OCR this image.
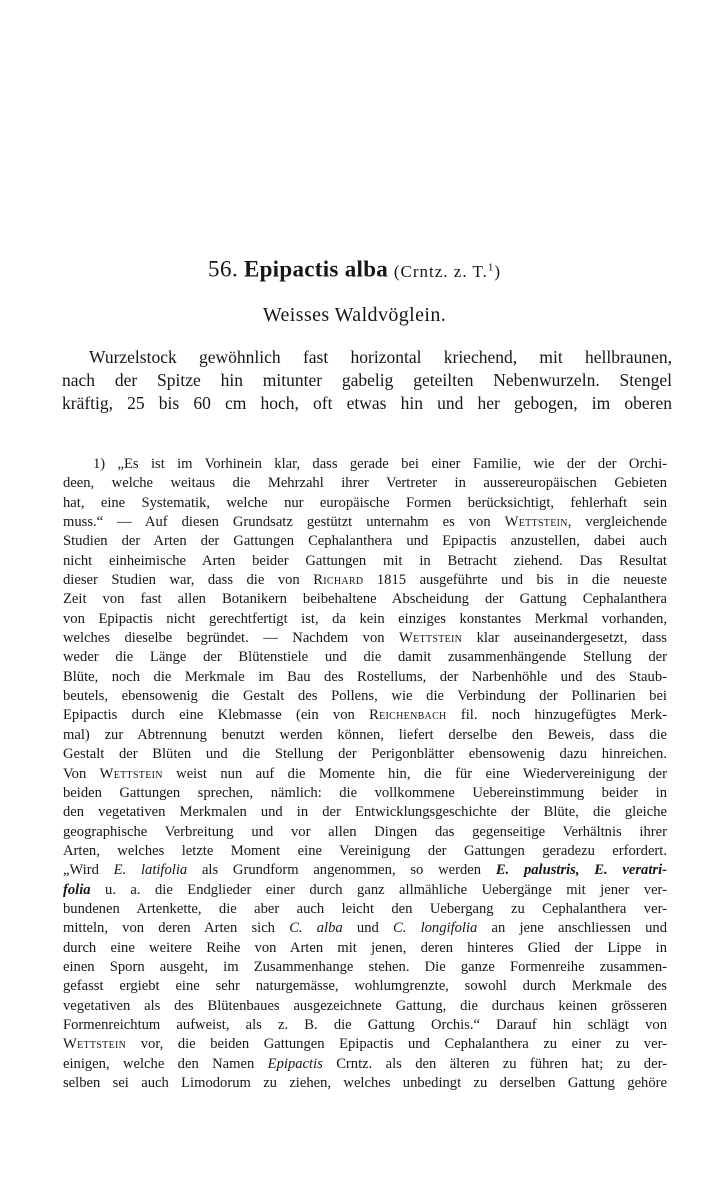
56. Epipactis alba (Crntz. z. T.$^1$)
Weisses Waldvöglein.
Wurzelstock gewöhnlich fast horizontal kriechend, mit hellbraunen,
nach der Spitze hin mitunter gabelig geteilten Nebenwurzeln. Stengel
kräftig, 25 bis 60 cm hoch, oft etwas hin und her gebogen, im oberen
1) „Es ist im Vorhinein klar, dass gerade bei einer Familie, wie der der Orchi-
deen, welche weitaus die Mehrzahl ihrer Vertreter in aussereuropäischen Gebieten
hat, eine Systematik, welche nur europäische Formen berücksichtigt, fehlerhaft sein
muss.“ — Auf diesen Grundsatz gestützt unternahm es von Wettstein, vergleichende
Studien der Arten der Gattungen Cephalanthera und Epipactis anzustellen, dabei auch
nicht einheimische Arten beider Gattungen mit in Betracht ziehend. Das Resultat
dieser Studien war, dass die von Richard 1815 ausgeführte und bis in die neueste
Zeit von fast allen Botanikern beibehaltene Abscheidung der Gattung Cephalanthera
von Epipactis nicht gerechtfertigt ist, da kein einziges konstantes Merkmal vorhanden,
welches dieselbe begründet. — Nachdem von Wettstein klar auseinandergesetzt, dass
weder die Länge der Blütenstiele und die damit zusammenhängende Stellung der
Blüte, noch die Merkmale im Bau des Rostellums, der Narbenhöhle und des Staub-
beutels, ebensowenig die Gestalt des Pollens, wie die Verbindung der Pollinarien bei
Epipactis durch eine Klebmasse (ein von Reichenbach fil. noch hinzugefügtes Merk-
mal) zur Abtrennung benutzt werden können, liefert derselbe den Beweis, dass die
Gestalt der Blüten und die Stellung der Perigonblätter ebensowenig dazu hinreichen.
Von Wettstein weist nun auf die Momente hin, die für eine Wiedervereinigung der
beiden Gattungen sprechen, nämlich: die vollkommene Uebereinstimmung beider in
den vegetativen Merkmalen und in der Entwicklungsgeschichte der Blüte, die gleiche
geographische Verbreitung und vor allen Dingen das gegenseitige Verhältnis ihrer
Arten, welches letzte Moment eine Vereinigung der Gattungen geradezu erfordert.
„Wird E. latifolia als Grundform angenommen, so werden E. palustris, E. veratri-
folia u. a. die Endglieder einer durch ganz allmähliche Uebergänge mit jener ver-
bundenen Artenkette, die aber auch leicht den Uebergang zu Cephalanthera ver-
mitteln, von deren Arten sich C. alba und C. longifolia an jene anschliessen und
durch eine weitere Reihe von Arten mit jenen, deren hinteres Glied der Lippe in
einen Sporn ausgeht, im Zusammenhange stehen. Die ganze Formenreihe zusammen-
gefasst ergiebt eine sehr naturgemässe, wohlumgrenzte, sowohl durch Merkmale des
vegetativen als des Blütenbaues ausgezeichnete Gattung, die durchaus keinen grösseren
Formenreichtum aufweist, als z. B. die Gattung Orchis.“ Darauf hin schlägt von
Wettstein vor, die beiden Gattungen Epipactis und Cephalanthera zu einer zu ver-
einigen, welche den Namen Epipactis Crntz. als den älteren zu führen hat; zu der-
selben sei auch Limodorum zu ziehen, welches unbedingt zu derselben Gattung gehöre
